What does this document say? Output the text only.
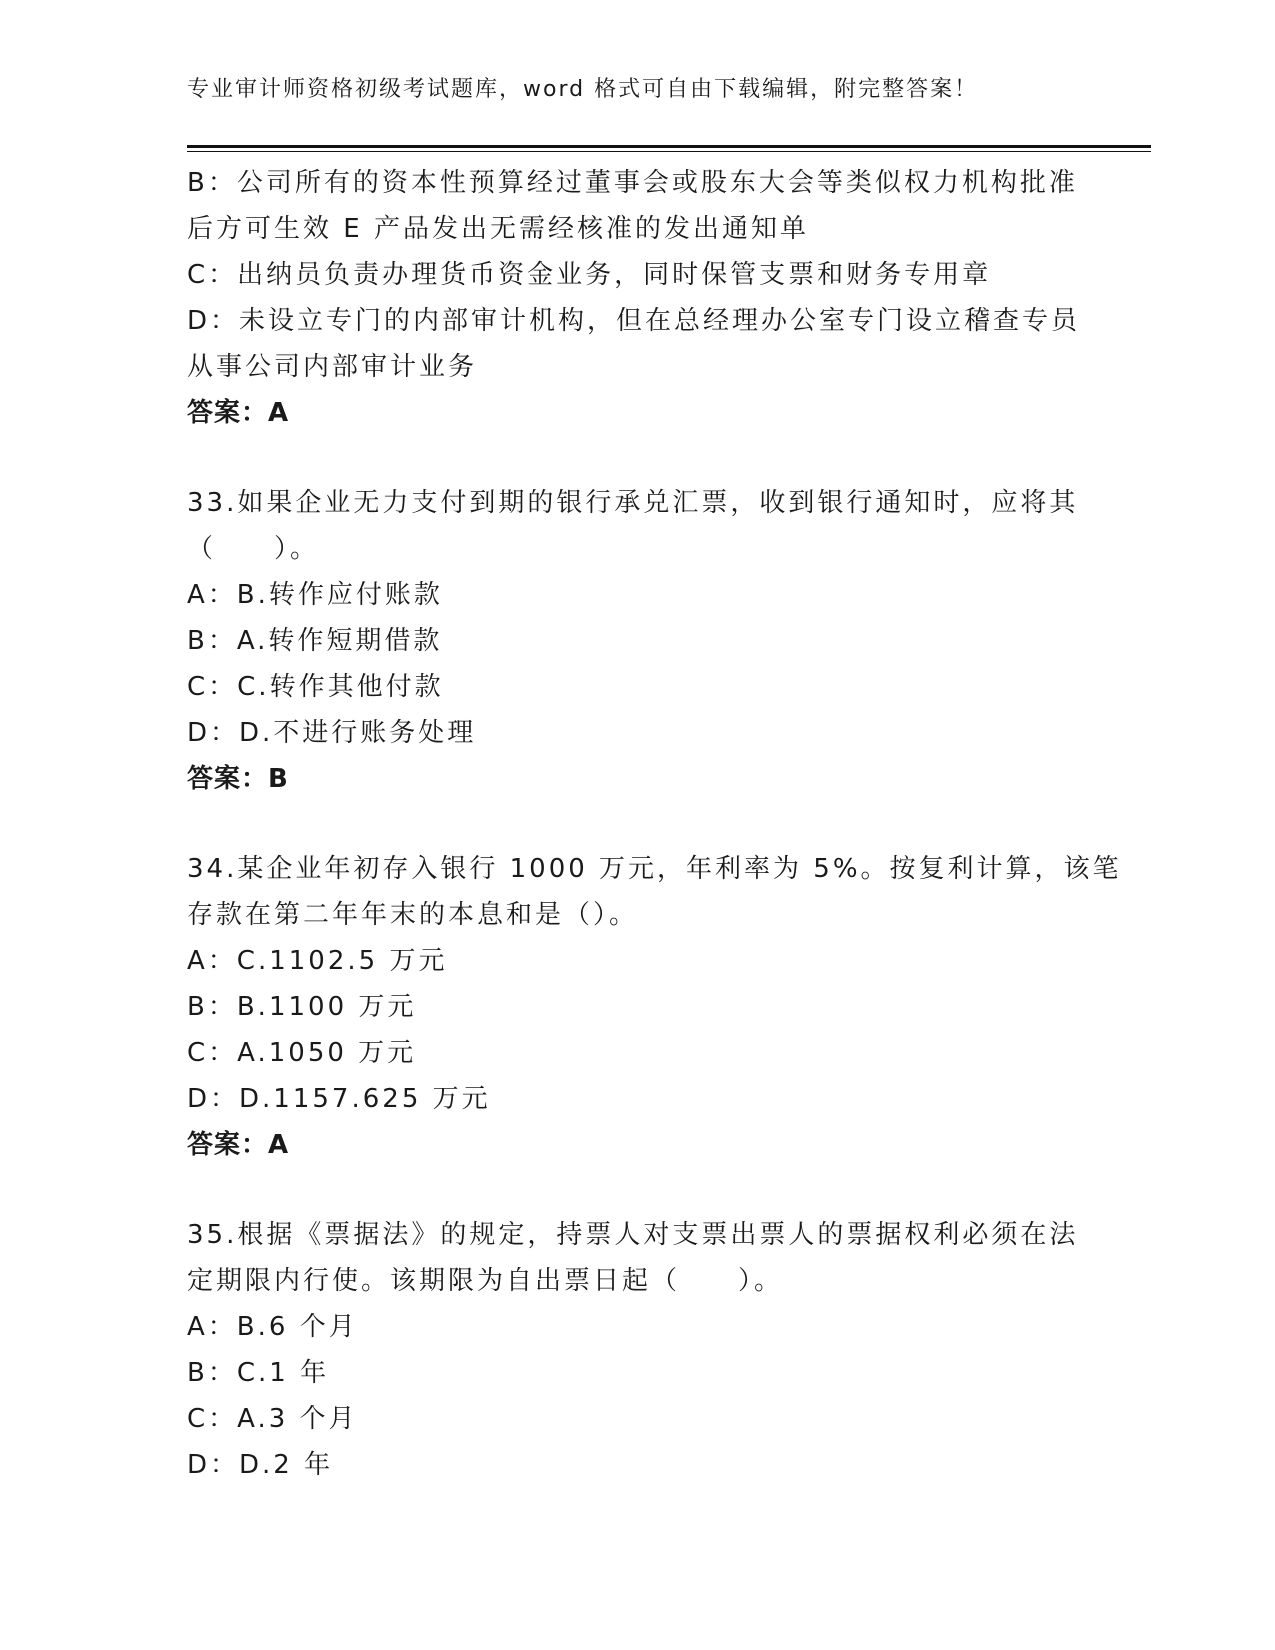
专业审计师资格初级考试题库，word 格式可自由下载编辑，附完整答案！
B：公司所有的资本性预算经过董事会或股东大会等类似权力机构批准
后方可生效 E 产品发出无需经核准的发出通知单
C：出纳员负责办理货币资金业务，同时保管支票和财务专用章
D：未设立专门的内部审计机构，但在总经理办公室专门设立稽查专员
从事公司内部审计业务
答案：A
33.如果企业无力支付到期的银行承兑汇票，收到银行通知时，应将其
（　　）。
A：B.转作应付账款
B：A.转作短期借款
C：C.转作其他付款
D：D.不进行账务处理
答案：B
34.某企业年初存入银行 1000 万元，年利率为 5%。按复利计算，该笔
存款在第二年年末的本息和是（）。
A：C.1102.5 万元
B：B.1100 万元
C：A.1050 万元
D：D.1157.625 万元
答案：A
35.根据《票据法》的规定，持票人对支票出票人的票据权利必须在法
定期限内行使。该期限为自出票日起（　　）。
A：B.6 个月
B：C.1 年
C：A.3 个月
D：D.2 年
